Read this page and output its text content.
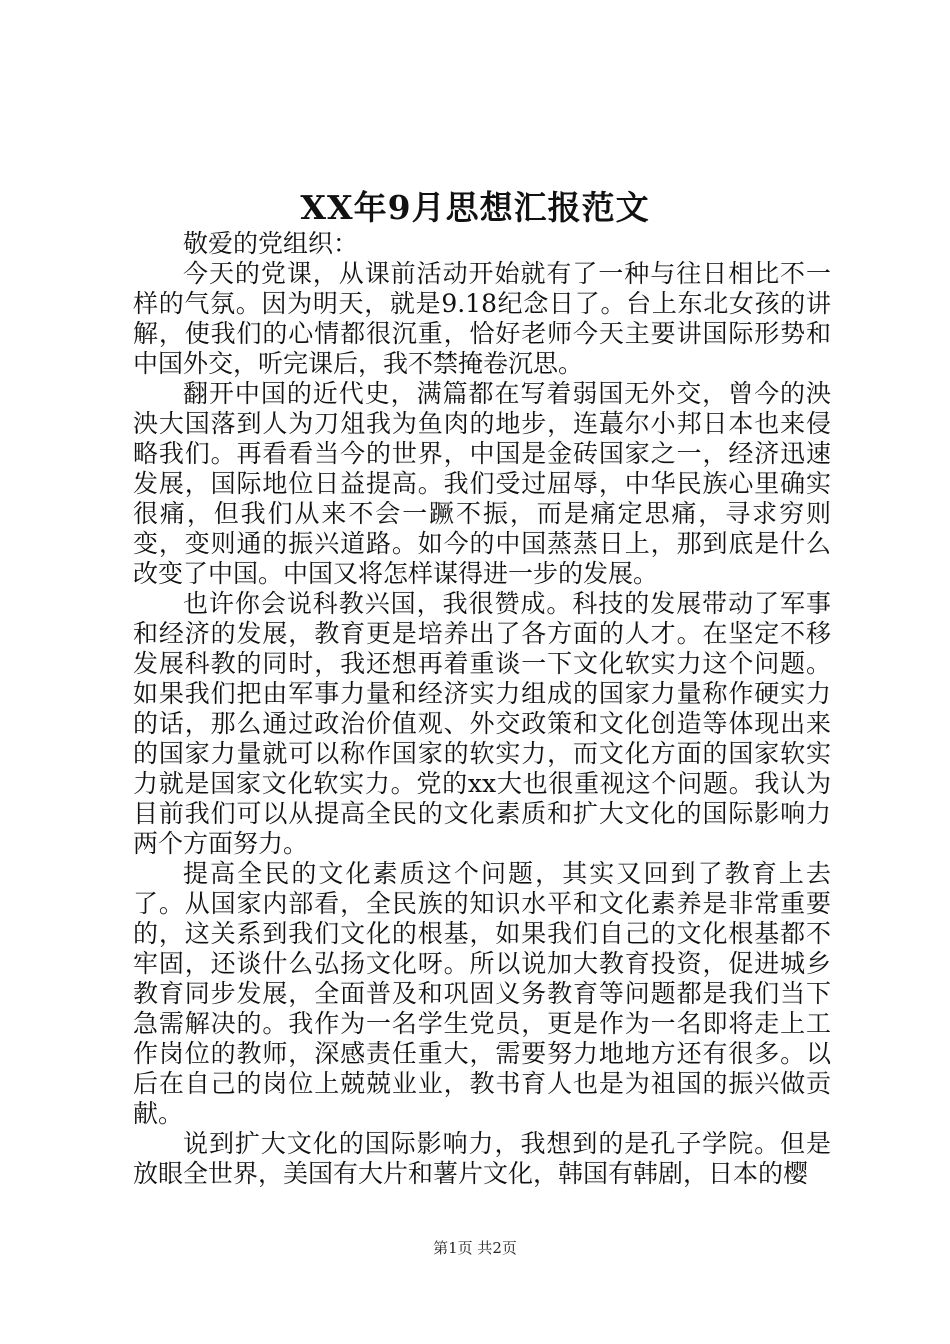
XX年9月思想汇报范文

敬爱的党组织：

今天的党课，从课前活动开始就有了一种与往日相比不一样的气氛。因为明天，就是9.18纪念日了。台上东北女孩的讲解，使我们的心情都很沉重，恰好老师今天主要讲国际形势和中国外交，听完课后，我不禁掩卷沉思。

翻开中国的近代史，满篇都在写着弱国无外交，曾今的泱泱大国落到人为刀俎我为鱼肉的地步，连蕞尔小邦日本也来侵略我们。再看看当今的世界，中国是金砖国家之一，经济迅速发展，国际地位日益提高。我们受过屈辱，中华民族心里确实很痛，但我们从来不会一蹶不振，而是痛定思痛，寻求穷则变，变则通的振兴道路。如今的中国蒸蒸日上，那到底是什么改变了中国。中国又将怎样谋得进一步的发展。

也许你会说科教兴国，我很赞成。科技的发展带动了军事和经济的发展，教育更是培养出了各方面的人才。在坚定不移发展科教的同时，我还想再着重谈一下文化软实力这个问题。如果我们把由军事力量和经济实力组成的国家力量称作硬实力的话，那么通过政治价值观、外交政策和文化创造等体现出来的国家力量就可以称作国家的软实力，而文化方面的国家软实力就是国家文化软实力。党的xx大也很重视这个问题。我认为目前我们可以从提高全民的文化素质和扩大文化的国际影响力两个方面努力。

提高全民的文化素质这个问题，其实又回到了教育上去了。从国家内部看，全民族的知识水平和文化素养是非常重要的，这关系到我们文化的根基，如果我们自己的文化根基都不牢固，还谈什么弘扬文化呀。所以说加大教育投资，促进城乡教育同步发展，全面普及和巩固义务教育等问题都是我们当下急需解决的。我作为一名学生党员，更是作为一名即将走上工作岗位的教师，深感责任重大，需要努力地地方还有很多。以后在自己的岗位上兢兢业业，教书育人也是为祖国的振兴做贡献。

说到扩大文化的国际影响力，我想到的是孔子学院。但是放眼全世界，美国有大片和薯片文化，韩国有韩剧，日本的樱

第1页 共2页
